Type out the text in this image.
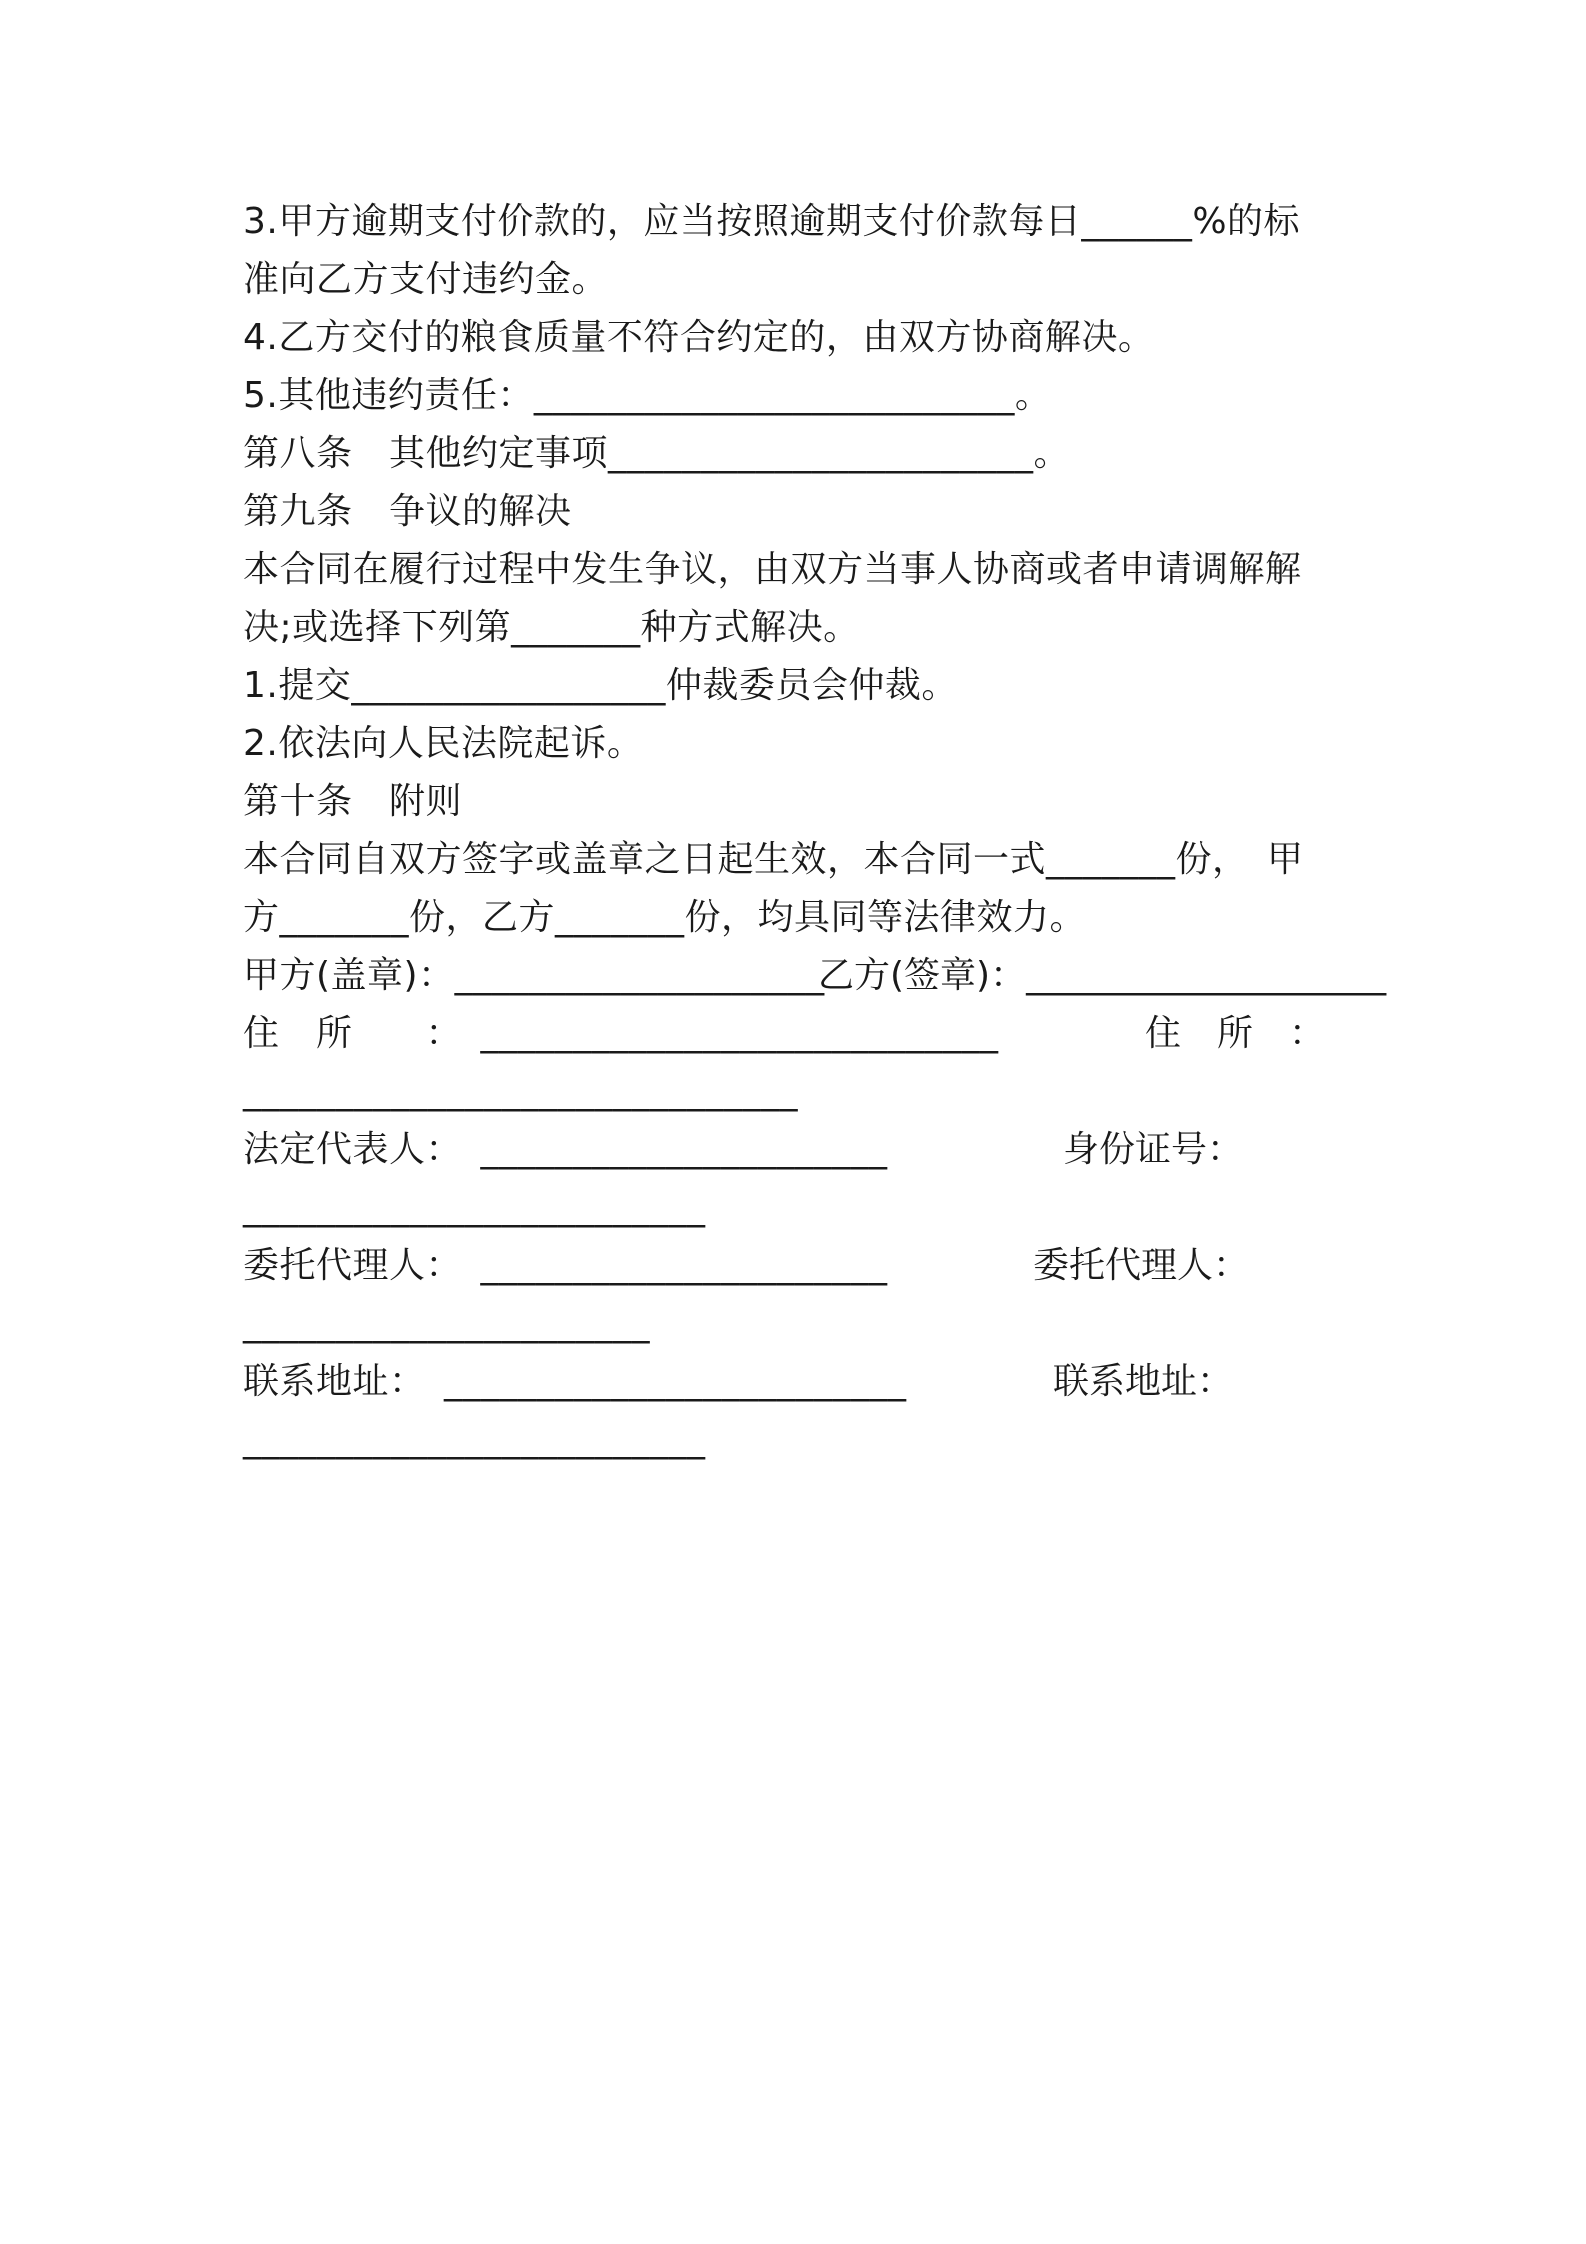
3.甲方逾期支付价款的，应当按照逾期支付价款每日______%的标
准向乙方支付违约金。
4.乙方交付的粮食质量不符合约定的，由双方协商解决。
5.其他违约责任：__________________________。
第八条　其他约定事项_______________________。
第九条　争议的解决
本合同在履行过程中发生争议，由双方当事人协商或者申请调解解
决;或选择下列第_______种方式解决。
1.提交_________________仲裁委员会仲裁。
2.依法向人民法院起诉。
第十条　附则
本合同自双方签字或盖章之日起生效，本合同一式_______份，　甲
方_______份，乙方_______份，均具同等法律效力。
甲方(盖章)：____________________
乙方(签章)：____________________
住　所　　：　____________________________	住　所　：
______________________________
法定代表人：　______________________	身份证号：
_________________________
委托代理人：　______________________	委托代理人：
______________________
联系地址：　_________________________	联系地址：
_________________________
